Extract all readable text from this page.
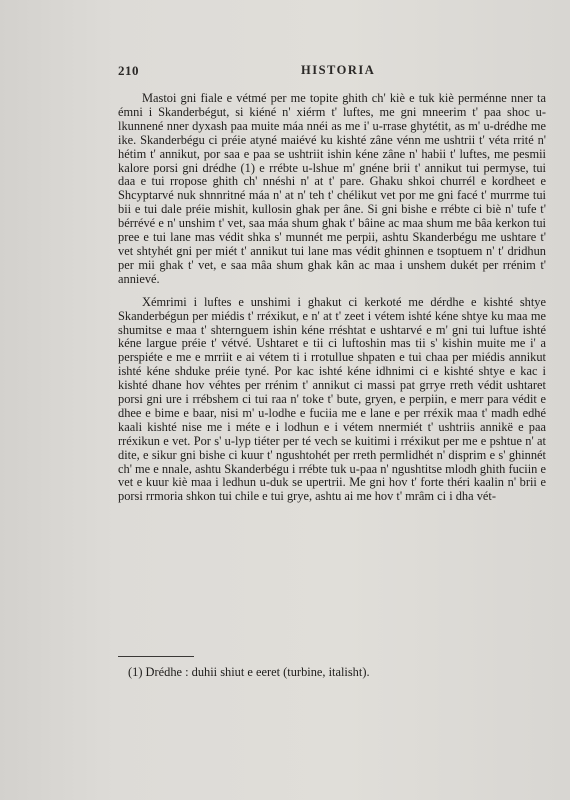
210	HISTORIA

Mastoi gni fiale e vétmé per me topite ghith ch' kiè e tuk kiè perménne nner ta émni i Skanderbégut, si kiéné n' xiérm t' luftes, me gni mneerim t' paa shoc u-lkunnené nner dyxash paa muite máa nnéi as me i' u-rrase ghytétit, as m' u-drédhe me ike. Skanderbégu ci préie atyné maiévé ku kishté zâne vénn me ushtrii t' véta rrité n' hétim t' annikut, por saa e paa se ushtriit ishin kéne zâne n' habii t' luftes, me pesmii kalore porsi gni drédhe (1) e rrébte u-lshue m' gnéne brii t' annikut tui permyse, tui daa e tui rropose ghith ch' nnéshi n' at t' pare. Ghaku shkoi churrél e kordheet e Shcyptarvé nuk shnnritné máa n' at n' teh t' chélikut vet por me gni facé t' murrme tui bii e tui dale préie mishit, kullosin ghak per âne. Si gni bishe e rrébte ci biè n' tufe t' bérrévé e n' unshim t' vet, saa máa shum ghak t' bâine ac maa shum me bâa kerkon tui pree e tui lane mas védit shka s' munnét me perpii, ashtu Skanderbégu me ushtare t' vet shtyhét gni per miét t' annikut tui lane mas védit ghinnen e tsoptuem n' t' dridhun per mii ghak t' vet, e saa mâa shum ghak kân ac maa i unshem dukét per rrénim t' annievé.

Xémrimi i luftes e unshimi i ghakut ci kerkoté me dérdhe e kishté shtye Skanderbégun per miédis t' rréxikut, e n' at t' zeet i vétem ishté kéne shtye ku maa me shumitse e maa t' shternguem ishin kéne rréshtat e ushtarvé e m' gni tui luftue ishté kéne largue préie t' vétvé. Ushtaret e tii ci luftoshin mas tii s' kishin muite me i' a perspiéte e me e mrriit e ai vétem ti i rrotullue shpaten e tui chaa per miédis annikut ishté kéne shduke préie tyné. Por kac ishté kéne idhnimi ci e kishté shtye e kac i kishté dhane hov véhtes per rrénim t' annikut ci massi pat grrye rreth védit ushtaret porsi gni ure i rrébshem ci tui raa n' toke t' bute, gryen, e perpiin, e merr para védit e dhee e bime e baar, nisi m' u-lodhe e fuciia me e lane e per rréxik maa t' madh edhé kaali kishté nise me i méte e i lodhun e i vétem nnermiét t' ushtriis annikë e paa rréxikun e vet. Por s' u-lyp tiéter per té vech se kuitimi i rréxikut per me e pshtue n' at dite, e sikur gni bishe ci kuur t' ngushtohét per rreth permlidhét n' disprim e s' ghinnét ch' me e nnale, ashtu Skanderbégu i rrébte tuk u-paa n' ngushtitse mlodh ghith fuciin e vet e kuur kiè maa i ledhun u-duk se upertrii. Me gni hov t' forte théri kaalin n' brii e porsi rrmoria shkon tui chile e tui grye, ashtu ai me hov t' mrâm ci i dha vét-

(1) Drédhe : duhii shiut e eeret (turbine, italisht).
